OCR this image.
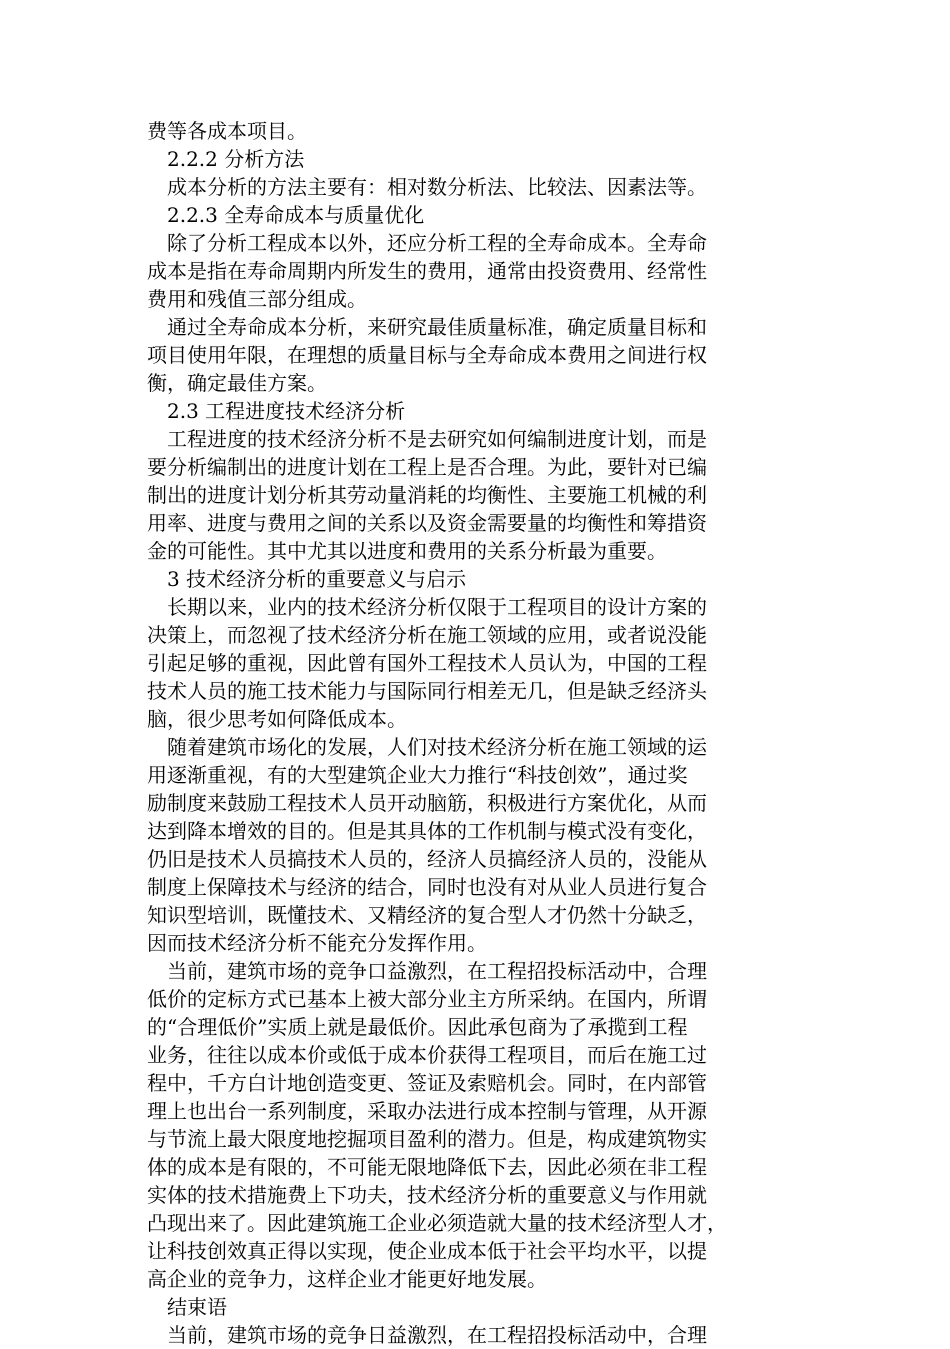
费等各成本项目。
2.2.2 分析方法
成本分析的方法主要有：相对数分析法、比较法、因素法等。
2.2.3 全寿命成本与质量优化
除了分析工程成本以外，还应分析工程的全寿命成本。全寿命
成本是指在寿命周期内所发生的费用，通常由投资费用、经常性
费用和残值三部分组成。
通过全寿命成本分析，来研究最佳质量标准，确定质量目标和
项目使用年限，在理想的质量目标与全寿命成本费用之间进行权
衡，确定最佳方案。
2.3 工程进度技术经济分析
工程进度的技术经济分析不是去研究如何编制进度计划，而是
要分析编制出的进度计划在工程上是否合理。为此，要针对已编
制出的进度计划分析其劳动量消耗的均衡性、主要施工机械的利
用率、进度与费用之间的关系以及资金需要量的均衡性和筹措资
金的可能性。其中尤其以进度和费用的关系分析最为重要。
3 技术经济分析的重要意义与启示
长期以来，业内的技术经济分析仅限于工程项目的设计方案的
决策上，而忽视了技术经济分析在施工领域的应用，或者说没能
引起足够的重视，因此曾有国外工程技术人员认为，中国的工程
技术人员的施工技术能力与国际同行相差无几，但是缺乏经济头
脑，很少思考如何降低成本。
随着建筑市场化的发展，人们对技术经济分析在施工领域的运
用逐渐重视，有的大型建筑企业大力推行“科技创效”，通过奖
励制度来鼓励工程技术人员开动脑筋，积极进行方案优化，从而
达到降本增效的目的。但是其具体的工作机制与模式没有变化，
仍旧是技术人员搞技术人员的，经济人员搞经济人员的，没能从
制度上保障技术与经济的结合，同时也没有对从业人员进行复合
知识型培训，既懂技术、又精经济的复合型人才仍然十分缺乏，
因而技术经济分析不能充分发挥作用。
当前，建筑市场的竞争口益激烈，在工程招投标活动中，合理
低价的定标方式已基本上被大部分业主方所采纳。在国内，所谓
的“合理低价”实质上就是最低价。因此承包商为了承揽到工程
业务，往往以成本价或低于成本价获得工程项目，而后在施工过
程中，千方白计地创造变更、签证及索赔机会。同时，在内部管
理上也出台一系列制度，采取办法进行成本控制与管理，从开源
与节流上最大限度地挖掘项目盈利的潜力。但是，构成建筑物实
体的成本是有限的，不可能无限地降低下去，因此必须在非工程
实体的技术措施费上下功夫，技术经济分析的重要意义与作用就
凸现出来了。因此建筑施工企业必须造就大量的技术经济型人才，
让科技创效真正得以实现，使企业成本低于社会平均水平，以提
高企业的竞争力，这样企业才能更好地发展。
结束语
当前，建筑市场的竞争日益激烈，在工程招投标活动中，合理
